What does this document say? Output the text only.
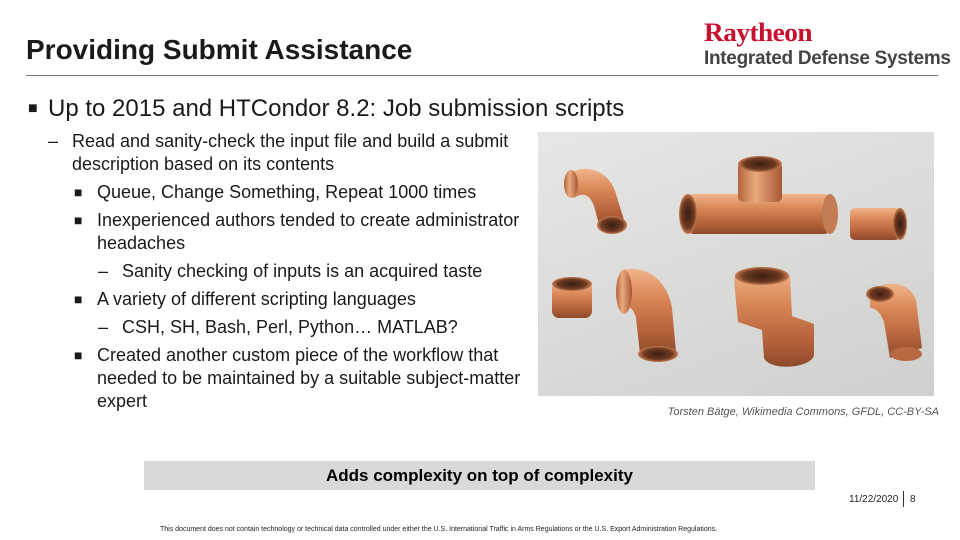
Providing Submit Assistance
Raytheon
Integrated Defense Systems
■ Up to 2015 and HTCondor 8.2: Job submission scripts
– Read and sanity-check the input file and build a submit description based on its contents
■ Queue, Change Something, Repeat 1000 times
■ Inexperienced authors tended to create administrator headaches
– Sanity checking of inputs is an acquired taste
■ A variety of different scripting languages
– CSH, SH, Bash, Perl, Python… MATLAB?
■ Created another custom piece of the workflow that needed to be maintained by a suitable subject-matter expert
Torsten Bätge, Wikimedia Commons, GFDL, CC-BY-SA
Adds complexity on top of complexity
11/22/2020 8
This document does not contain technology or technical data controlled under either the U.S. International Traffic in Arms Regulations or the U.S. Export Administration Regulations.
